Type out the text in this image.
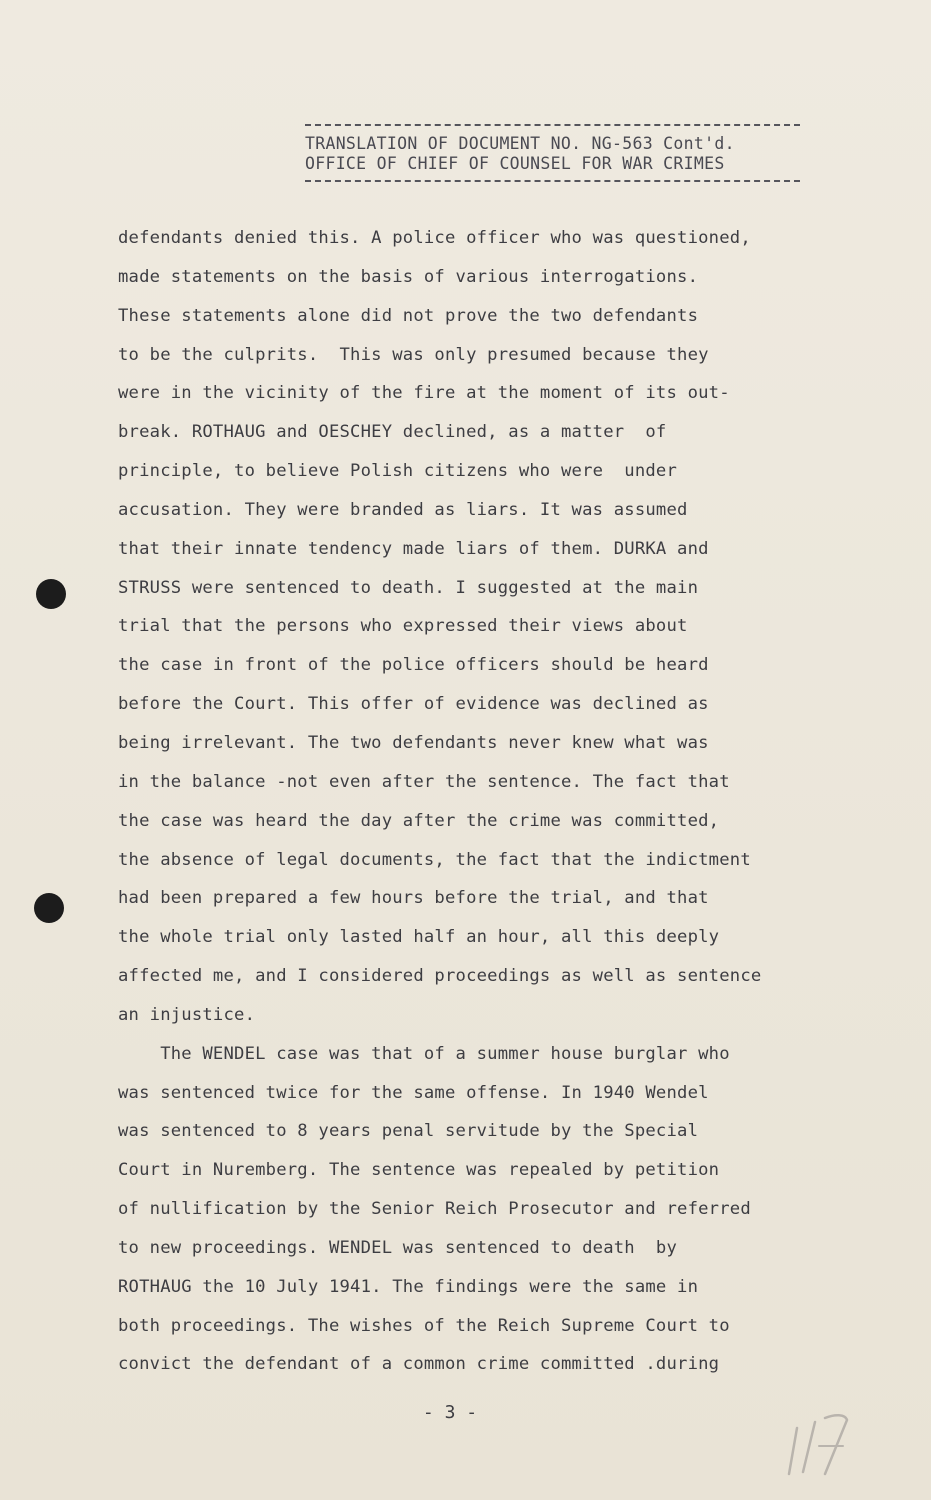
TRANSLATION OF DOCUMENT NO. NG-563 Cont'd.
OFFICE OF CHIEF OF COUNSEL FOR WAR CRIMES
defendants denied this. A police officer who was questioned,
made statements on the basis of various interrogations.
These statements alone did not prove the two defendants
to be the culprits.  This was only presumed because they
were in the vicinity of the fire at the moment of its out-
break. ROTHAUG and OESCHEY declined, as a matter  of
principle, to believe Polish citizens who were  under
accusation. They were branded as liars. It was assumed
that their innate tendency made liars of them. DURKA and
STRUSS were sentenced to death. I suggested at the main
trial that the persons who expressed their views about
the case in front of the police officers should be heard
before the Court. This offer of evidence was declined as
being irrelevant. The two defendants never knew what was
in the balance -not even after the sentence. The fact that
the case was heard the day after the crime was committed,
the absence of legal documents, the fact that the indictment
had been prepared a few hours before the trial, and that
the whole trial only lasted half an hour, all this deeply
affected me, and I considered proceedings as well as sentence
an injustice.
The WENDEL case was that of a summer house burglar who
was sentenced twice for the same offense. In 1940 Wendel
was sentenced to 8 years penal servitude by the Special
Court in Nuremberg. The sentence was repealed by petition
of nullification by the Senior Reich Prosecutor and referred
to new proceedings. WENDEL was sentenced to death  by
ROTHAUG the 10 July 1941. The findings were the same in
both proceedings. The wishes of the Reich Supreme Court to
convict the defendant of a common crime committed .during
- 3 -
